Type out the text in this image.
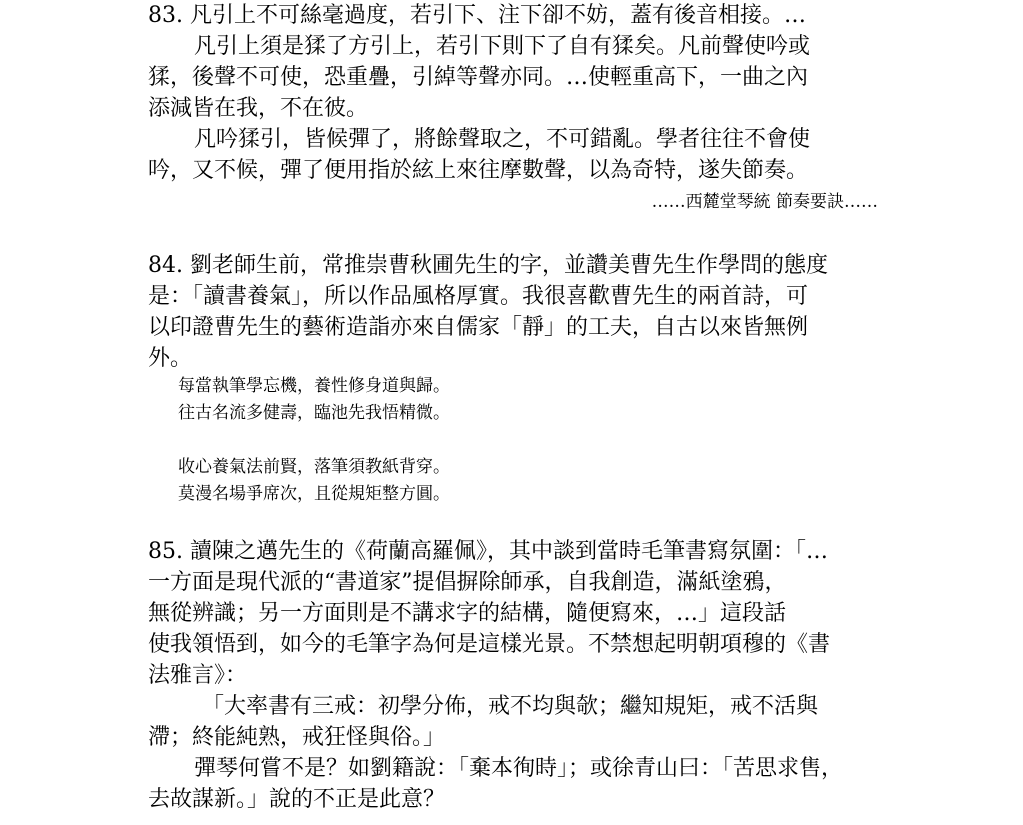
83. 凡引上不可絲毫過度，若引下、注下卻不妨，蓋有後音相接。…
凡引上須是猱了方引上，若引下則下了自有猱矣。凡前聲使吟或
猱，後聲不可使，恐重疊，引綽等聲亦同。…使輕重高下，一曲之內
添減皆在我，不在彼。
凡吟猱引，皆候彈了，將餘聲取之，不可錯亂。學者往往不會使
吟，又不候，彈了便用指於絃上來往摩數聲，以為奇特，遂失節奏。
……西麓堂琴統 節奏要訣……
84. 劉老師生前，常推崇曹秋圃先生的字，並讚美曹先生作學問的態度
是：「讀書養氣」，所以作品風格厚實。我很喜歡曹先生的兩首詩，可
以印證曹先生的藝術造詣亦來自儒家「靜」的工夫，自古以來皆無例
外。
每當執筆學忘機，養性修身道與歸。
往古名流多健壽，臨池先我悟精微。
收心養氣法前賢，落筆須教紙背穿。
莫漫名場爭席次，且從規矩整方圓。
85. 讀陳之邁先生的《荷蘭高羅佩》，其中談到當時毛筆書寫氛圍：「…
一方面是現代派的“書道家”提倡摒除師承，自我創造，滿紙塗鴉，
無從辨識；另一方面則是不講求字的結構，隨便寫來，…」這段話
使我領悟到，如今的毛筆字為何是這樣光景。不禁想起明朝項穆的《書
法雅言》：
「大率書有三戒：初學分佈，戒不均與欹；繼知規矩，戒不活與
滯；終能純熟，戒狂怪與俗。」
彈琴何嘗不是？如劉籍說：「棄本徇時」；或徐青山曰：「苦思求售，
去故謀新。」說的不正是此意？
